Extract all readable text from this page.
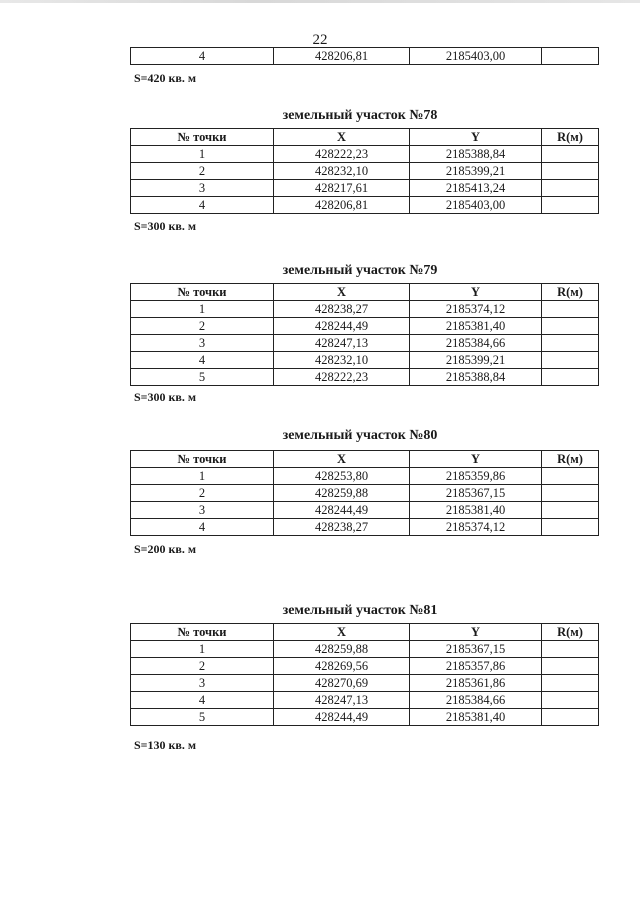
22
4	428206,81	2185403,00	
S=420 кв. м
земельный участок №78
№ точки	X	Y	R(м)
1	428222,23	2185388,84	
2	428232,10	2185399,21	
3	428217,61	2185413,24	
4	428206,81	2185403,00	
S=300 кв. м
земельный участок №79
№ точки	X	Y	R(м)
1	428238,27	2185374,12	
2	428244,49	2185381,40	
3	428247,13	2185384,66	
4	428232,10	2185399,21	
5	428222,23	2185388,84	
S=300 кв. м
земельный участок №80
№ точки	X	Y	R(м)
1	428253,80	2185359,86	
2	428259,88	2185367,15	
3	428244,49	2185381,40	
4	428238,27	2185374,12	
S=200 кв. м
земельный участок №81
№ точки	X	Y	R(м)
1	428259,88	2185367,15	
2	428269,56	2185357,86	
3	428270,69	2185361,86	
4	428247,13	2185384,66	
5	428244,49	2185381,40	
S=130 кв. м
